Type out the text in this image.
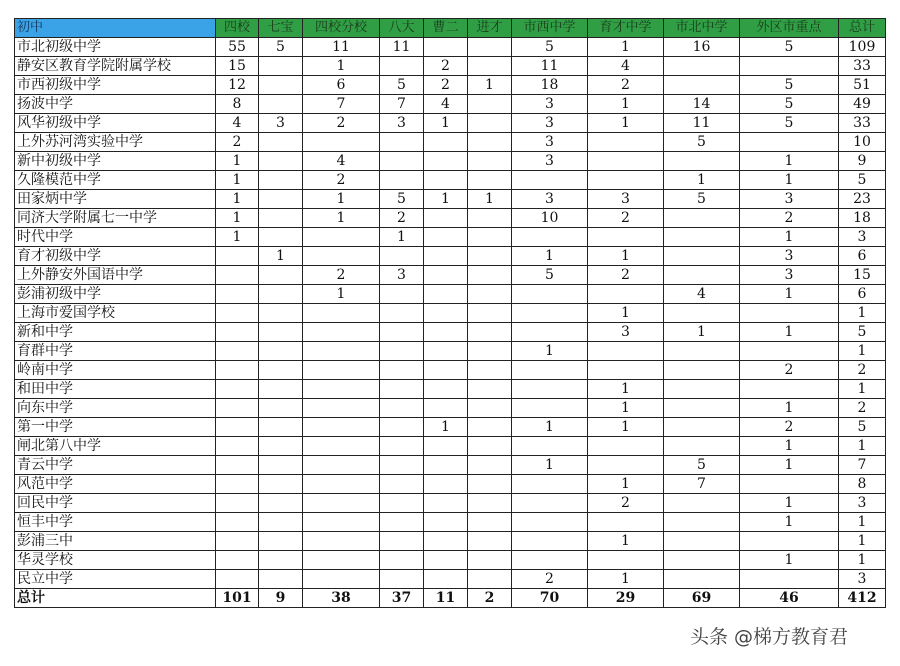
初中	四校	七宝	四校分校	八大	曹二	进才	市西中学	育才中学	市北中学	外区市重点	总计
市北初级中学	55	5	11	11			5	1	16	5	109
静安区教育学院附属学校	15		1		2		11	4			33
市西初级中学	12		6	5	2	1	18	2		5	51
扬波中学	8		7	7	4		3	1	14	5	49
风华初级中学	4	3	2	3	1		3	1	11	5	33
上外苏河湾实验中学	2						3		5		10
新中初级中学	1		4				3			1	9
久隆模范中学	1		2						1	1	5
田家炳中学	1		1	5	1	1	3	3	5	3	23
同济大学附属七一中学	1		1	2			10	2		2	18
时代中学	1			1						1	3
育才初级中学		1					1	1		3	6
上外静安外国语中学			2	3			5	2		3	15
彭浦初级中学			1						4	1	6
上海市爱国学校								1			1
新和中学								3	1	1	5
育群中学							1				1
岭南中学										2	2
和田中学								1			1
向东中学								1		1	2
第一中学					1		1	1		2	5
闸北第八中学										1	1
青云中学							1		5	1	7
风范中学								1	7		8
回民中学								2		1	3
恒丰中学										1	1
彭浦三中								1			1
华灵学校										1	1
民立中学							2	1			3
总计	101	9	38	37	11	2	70	29	69	46	412
头条 @梯方教育君
